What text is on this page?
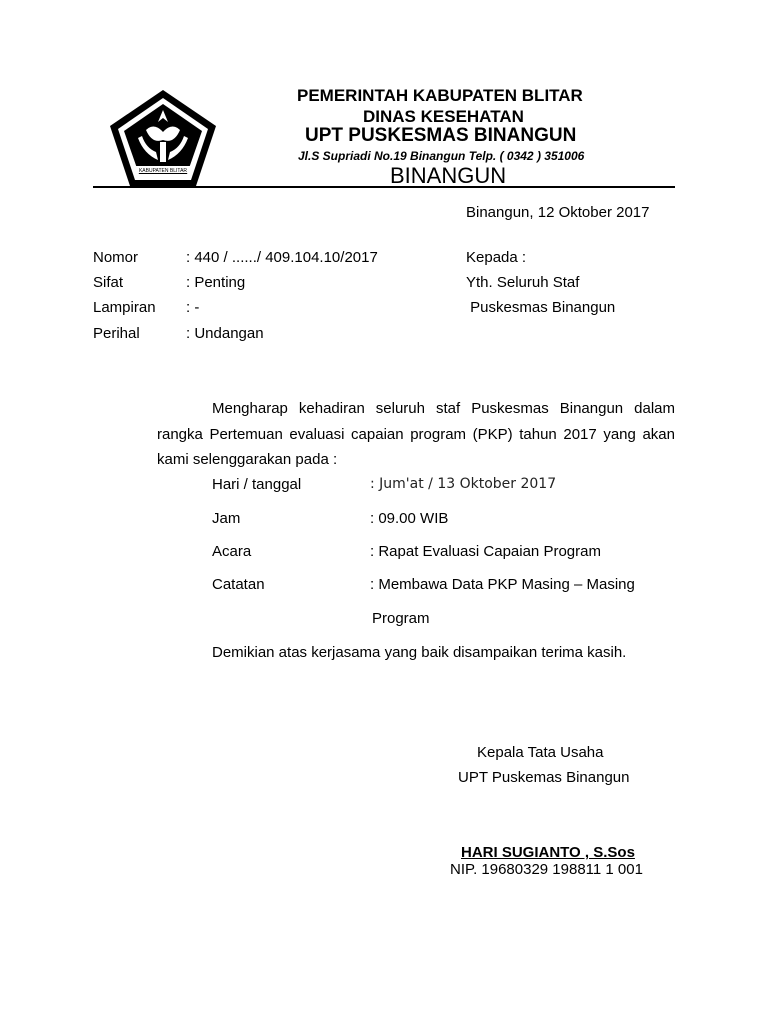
KABUPATEN BLITAR
PEMERINTAH KABUPATEN BLITAR
DINAS KESEHATAN
UPT PUSKESMAS BINANGUN
Jl.S Supriadi No.19 Binangun Telp. ( 0342 ) 351006
BINANGUN
Binangun, 12 Oktober 2017
Nomor	: 440 / ....../ 409.104.10/2017
Sifat	: Penting
Lampiran : -
Perihal	: Undangan
Kepada :
Yth. Seluruh Staf
Puskesmas Binangun
Mengharap kehadiran seluruh staf Puskesmas Binangun dalam
rangka Pertemuan evaluasi capaian program (PKP) tahun 2017 yang akan
kami selenggarakan pada :
Hari / tanggal	: Jum'at / 13 Oktober 2017
Jam	: 09.00 WIB
Acara	: Rapat Evaluasi Capaian Program
Catatan	: Membawa Data PKP Masing – Masing
Program
Demikian atas kerjasama yang baik disampaikan terima kasih.
Kepala Tata Usaha
UPT Puskemas Binangun
HARI SUGIANTO , S.Sos
NIP. 19680329 198811 1 001
